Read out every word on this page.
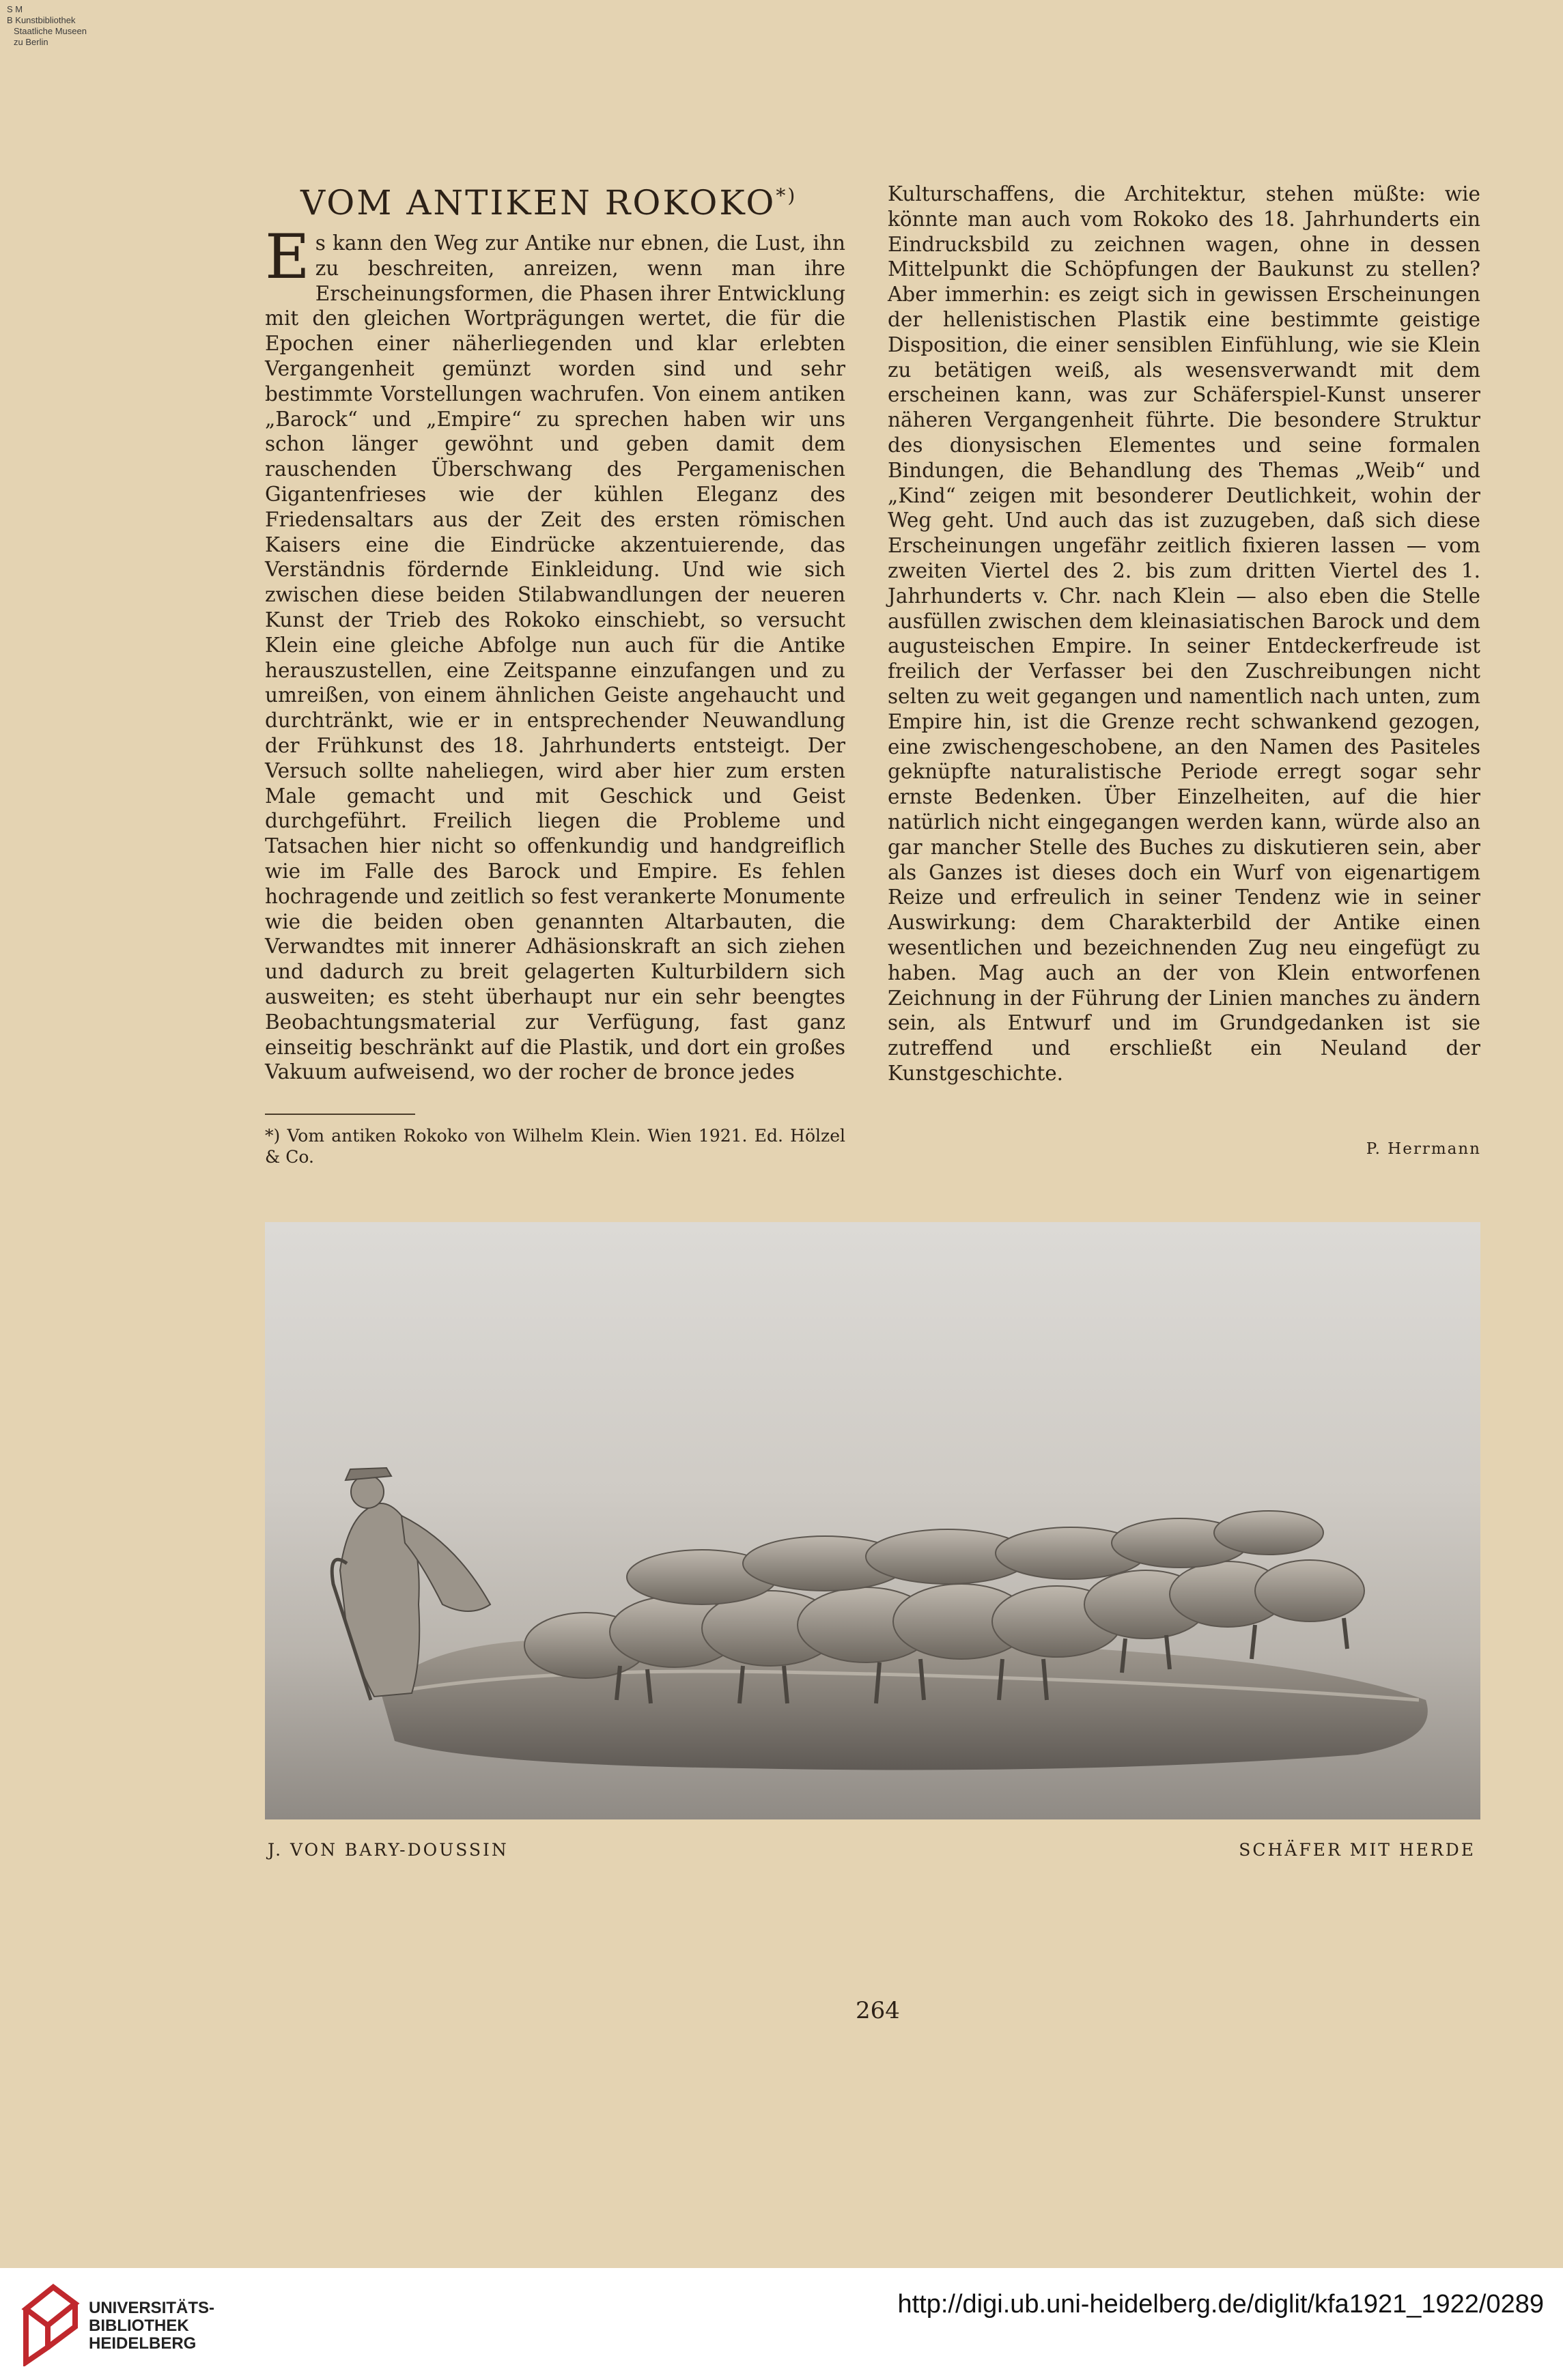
S M
B Kunstbibliothek
Staatliche Museen
zu Berlin
VOM ANTIKEN ROKOKO*)
Es kann den Weg zur Antike nur ebnen, die Lust, ihn zu beschreiten, anreizen, wenn man ihre Erscheinungsformen, die Phasen ihrer Entwicklung mit den gleichen Wortprägungen wertet, die für die Epochen einer näherliegenden und klar erlebten Vergangenheit gemünzt worden sind und sehr bestimmte Vorstellungen wachrufen. Von einem antiken „Barock“ und „Empire“ zu sprechen haben wir uns schon länger gewöhnt und geben damit dem rauschenden Überschwang des Pergamenischen Gigantenfrieses wie der kühlen Eleganz des Friedensaltars aus der Zeit des ersten römischen Kaisers eine die Eindrücke akzentuierende, das Verständnis fördernde Einkleidung. Und wie sich zwischen diese beiden Stilabwandlungen der neueren Kunst der Trieb des Rokoko einschiebt, so versucht Klein eine gleiche Abfolge nun auch für die Antike herauszustellen, eine Zeitspanne einzufangen und zu umreißen, von einem ähnlichen Geiste angehaucht und durchtränkt, wie er in entsprechender Neuwandlung der Frühkunst des 18. Jahrhunderts entsteigt. Der Versuch sollte naheliegen, wird aber hier zum ersten Male gemacht und mit Geschick und Geist durchgeführt. Freilich liegen die Probleme und Tatsachen hier nicht so offenkundig und handgreiflich wie im Falle des Barock und Empire. Es fehlen hochragende und zeitlich so fest verankerte Monumente wie die beiden oben genannten Altarbauten, die Verwandtes mit innerer Adhäsionskraft an sich ziehen und dadurch zu breit gelagerten Kulturbildern sich ausweiten; es steht überhaupt nur ein sehr beengtes Beobachtungsmaterial zur Verfügung, fast ganz einseitig beschränkt auf die Plastik, und dort ein großes Vakuum aufweisend, wo der rocher de bronce jedes
Kulturschaffens, die Architektur, stehen müßte: wie könnte man auch vom Rokoko des 18. Jahrhunderts ein Eindrucksbild zu zeichnen wagen, ohne in dessen Mittelpunkt die Schöpfungen der Baukunst zu stellen? Aber immerhin: es zeigt sich in gewissen Erscheinungen der hellenistischen Plastik eine bestimmte geistige Disposition, die einer sensiblen Einfühlung, wie sie Klein zu betätigen weiß, als wesensverwandt mit dem erscheinen kann, was zur Schäferspiel-Kunst unserer näheren Vergangenheit führte. Die besondere Struktur des dionysischen Elementes und seine formalen Bindungen, die Behandlung des Themas „Weib“ und „Kind“ zeigen mit besonderer Deutlichkeit, wohin der Weg geht. Und auch das ist zuzugeben, daß sich diese Erscheinungen ungefähr zeitlich fixieren lassen — vom zweiten Viertel des 2. bis zum dritten Viertel des 1. Jahrhunderts v. Chr. nach Klein — also eben die Stelle ausfüllen zwischen dem kleinasiatischen Barock und dem augusteischen Empire. In seiner Entdeckerfreude ist freilich der Verfasser bei den Zuschreibungen nicht selten zu weit gegangen und namentlich nach unten, zum Empire hin, ist die Grenze recht schwankend gezogen, eine zwischengeschobene, an den Namen des Pasiteles geknüpfte naturalistische Periode erregt sogar sehr ernste Bedenken. Über Einzelheiten, auf die hier natürlich nicht eingegangen werden kann, würde also an gar mancher Stelle des Buches zu diskutieren sein, aber als Ganzes ist dieses doch ein Wurf von eigenartigem Reize und erfreulich in seiner Tendenz wie in seiner Auswirkung: dem Charakterbild der Antike einen wesentlichen und bezeichnenden Zug neu eingefügt zu haben. Mag auch an der von Klein entworfenen Zeichnung in der Führung der Linien manches zu ändern sein, als Entwurf und im Grundgedanken ist sie zutreffend und erschließt ein Neuland der Kunstgeschichte.
*) Vom antiken Rokoko von Wilhelm Klein. Wien 1921. Ed. Hölzel & Co.	P. Herrmann
J. VON BARY-DOUSSIN	SCHÄFER MIT HERDE
264
UNIVERSITÄTS-
BIBLIOTHEK
HEIDELBERG
http://digi.ub.uni-heidelberg.de/diglit/kfa1921_1922/0289
